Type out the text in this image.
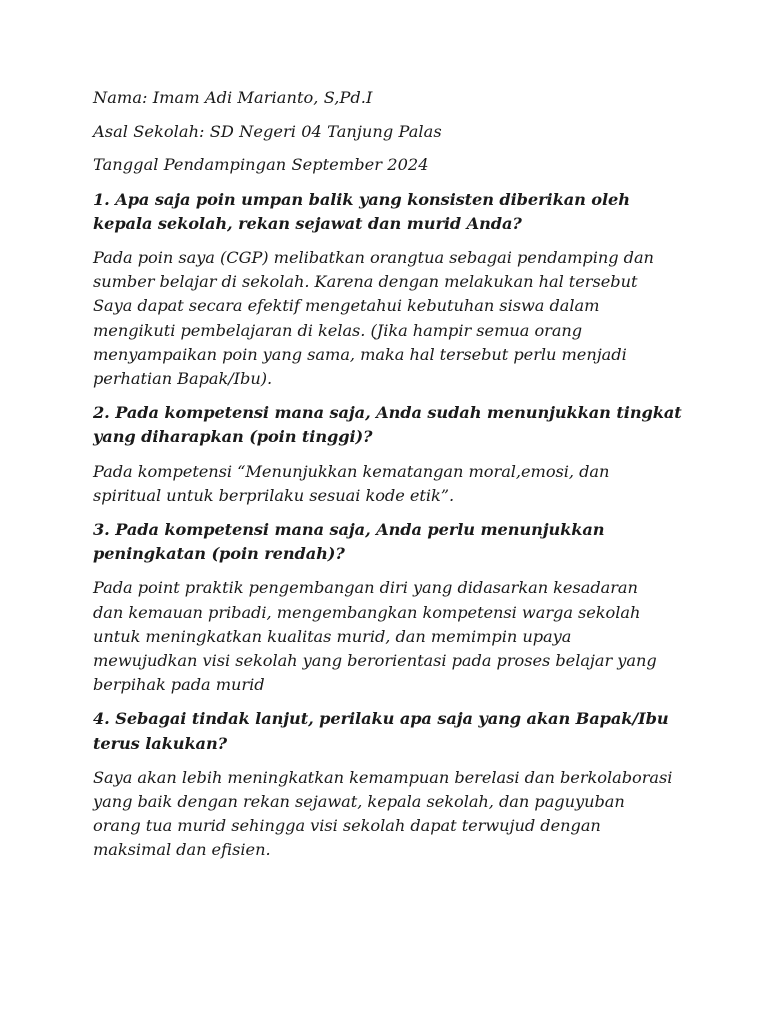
Nama: Imam Adi Marianto, S,Pd.I

Asal Sekolah: SD Negeri 04 Tanjung Palas

Tanggal Pendampingan September 2024

1. Apa saja poin umpan balik yang konsisten diberikan oleh
kepala sekolah, rekan sejawat dan murid Anda?

Pada poin saya (CGP) melibatkan orangtua sebagai pendamping dan
sumber belajar di sekolah. Karena dengan melakukan hal tersebut
Saya dapat secara efektif mengetahui kebutuhan siswa dalam
mengikuti pembelajaran di kelas. (Jika hampir semua orang
menyampaikan poin yang sama, maka hal tersebut perlu menjadi
perhatian Bapak/Ibu).

2. Pada kompetensi mana saja, Anda sudah menunjukkan tingkat
yang diharapkan (poin tinggi)?

Pada kompetensi “Menunjukkan kematangan moral,emosi, dan
spiritual untuk berprilaku sesuai kode etik”.

3. Pada kompetensi mana saja, Anda perlu menunjukkan
peningkatan (poin rendah)?

Pada point praktik pengembangan diri yang didasarkan kesadaran
dan kemauan pribadi, mengembangkan kompetensi warga sekolah
untuk meningkatkan kualitas murid, dan memimpin upaya
mewujudkan visi sekolah yang berorientasi pada proses belajar yang
berpihak pada murid

4. Sebagai tindak lanjut, perilaku apa saja yang akan Bapak/Ibu
terus lakukan?

Saya akan lebih meningkatkan kemampuan berelasi dan berkolaborasi
yang baik dengan rekan sejawat, kepala sekolah, dan paguyuban
orang tua murid sehingga visi sekolah dapat terwujud dengan
maksimal dan efisien.
